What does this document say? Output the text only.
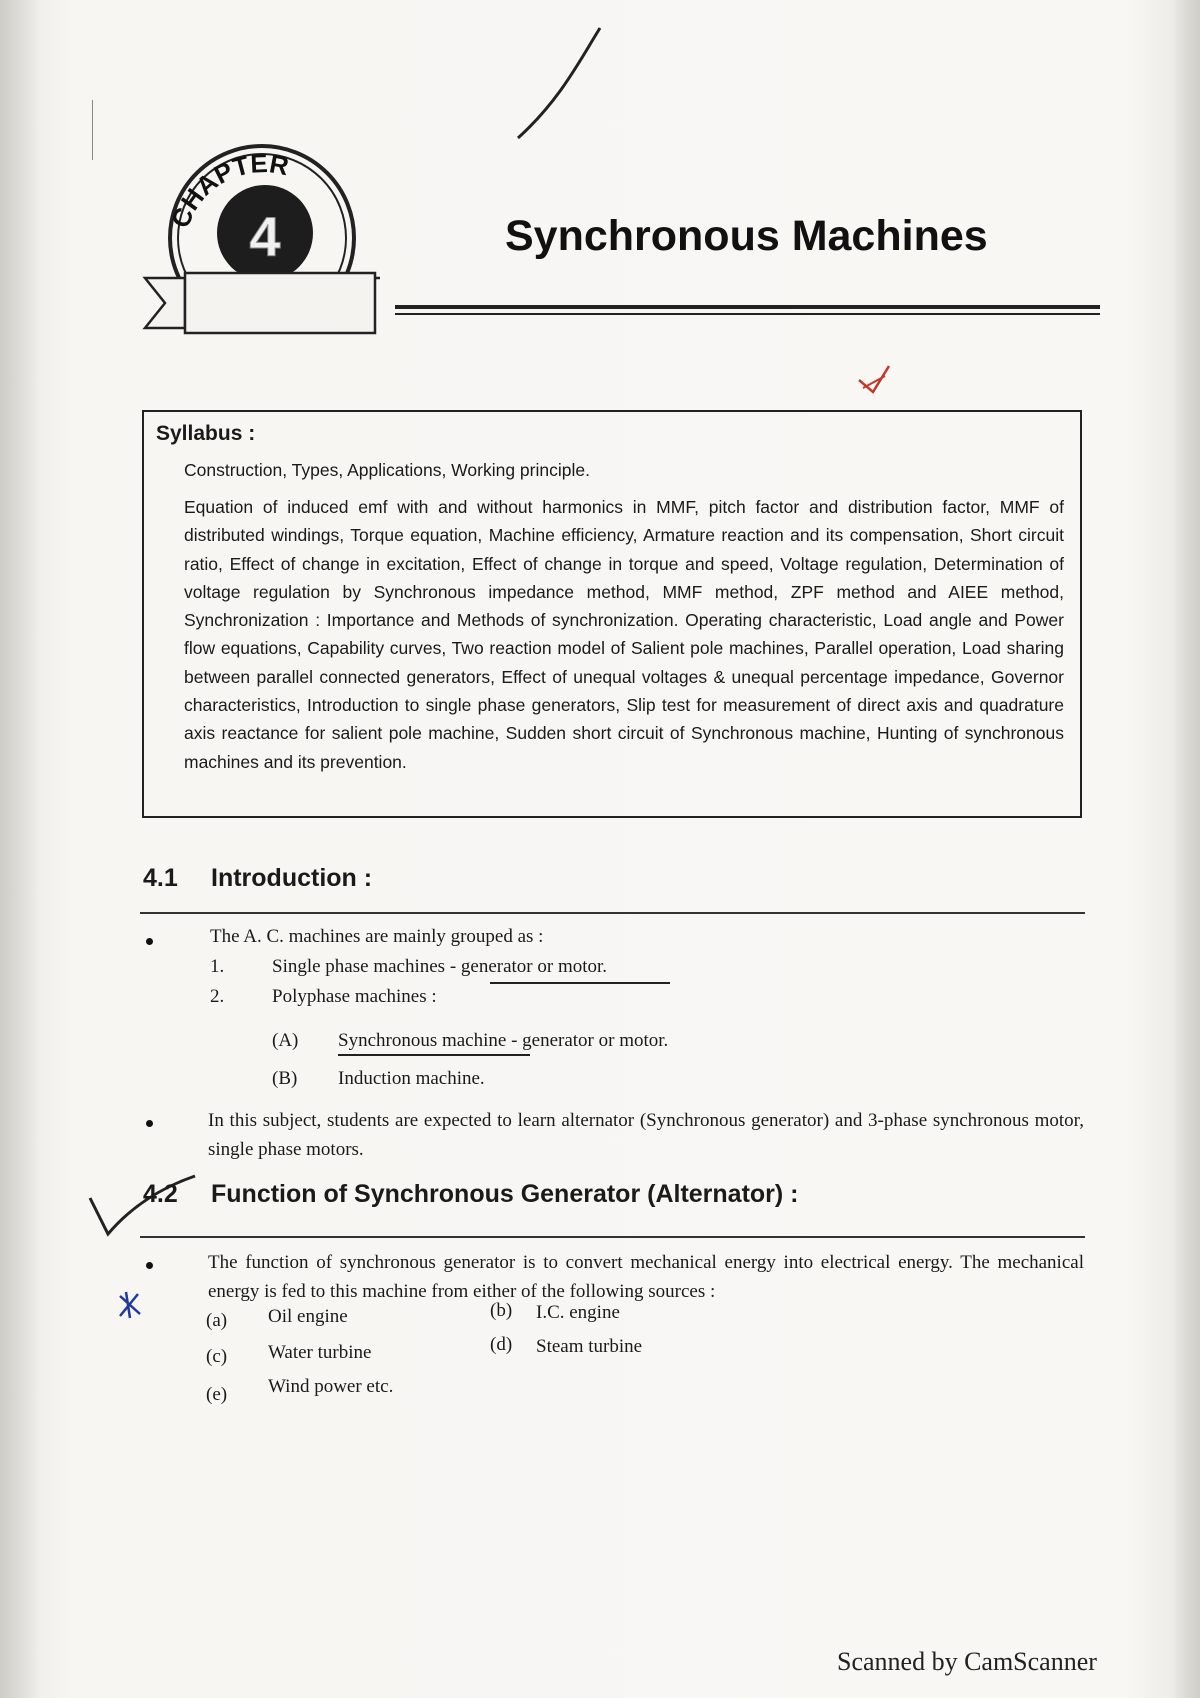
CHAPTER
4	Synchronous Machines
Syllabus :
Construction, Types, Applications, Working principle.
Equation of induced emf with and without harmonics in MMF, pitch factor and distribution factor, MMF of distributed windings, Torque equation, Machine efficiency, Armature reaction and its compensation, Short circuit ratio, Effect of change in excitation, Effect of change in torque and speed, Voltage regulation, Determination of voltage regulation by Synchronous impedance method, MMF method, ZPF method and AIEE method, Synchronization : Importance and Methods of synchronization. Operating characteristic, Load angle and Power flow equations, Capability curves, Two reaction model of Salient pole machines, Parallel operation, Load sharing between parallel connected generators, Effect of unequal voltages & unequal percentage impedance, Governor characteristics, Introduction to single phase generators, Slip test for measurement of direct axis and quadrature axis reactance for salient pole machine, Sudden short circuit of Synchronous machine, Hunting of synchronous machines and its prevention.
4.1 Introduction :
The A. C. machines are mainly grouped as :
1.	Single phase machines - generator or motor.
2.	Polyphase machines :
(A) Synchronous machine - generator or motor.
(B) Induction machine.
In this subject, students are expected to learn alternator (Synchronous generator) and 3-phase synchronous motor, single phase motors.
4.2 Function of Synchronous Generator (Alternator) :
The function of synchronous generator is to convert mechanical energy into electrical energy. The mechanical energy is fed to this machine from either of the following sources :
(a) Oil engine	(b) I.C. engine
(c) Water turbine	(d) Steam turbine
(e) Wind power etc.
Scanned by CamScanner
